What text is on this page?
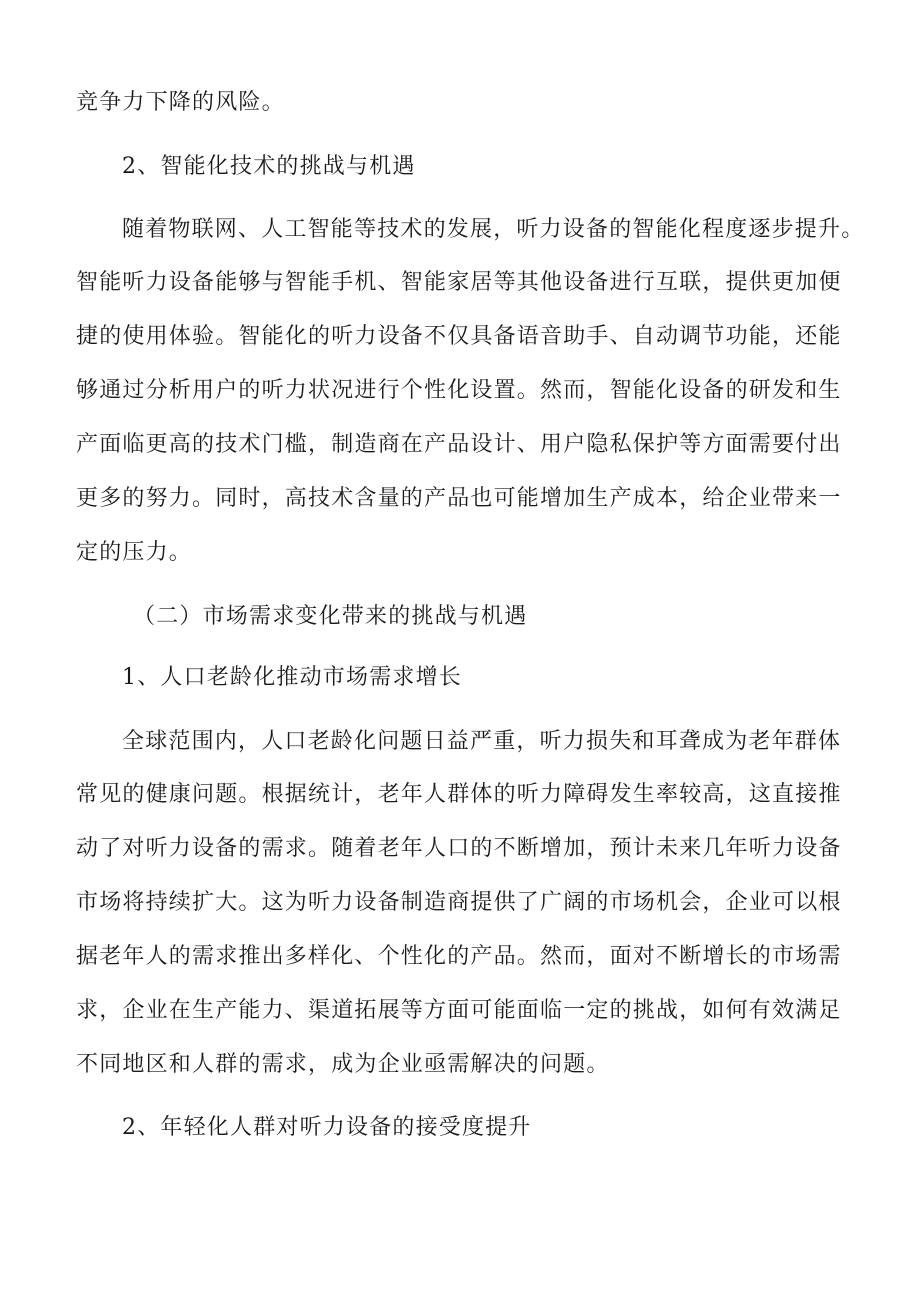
竞争力下降的风险。
2、智能化技术的挑战与机遇
随着物联网、人工智能等技术的发展，听力设备的智能化程度逐步提升。
智能听力设备能够与智能手机、智能家居等其他设备进行互联，提供更加便
捷的使用体验。智能化的听力设备不仅具备语音助手、自动调节功能，还能
够通过分析用户的听力状况进行个性化设置。然而，智能化设备的研发和生
产面临更高的技术门槛，制造商在产品设计、用户隐私保护等方面需要付出
更多的努力。同时，高技术含量的产品也可能增加生产成本，给企业带来一
定的压力。
（二）市场需求变化带来的挑战与机遇
1、人口老龄化推动市场需求增长
全球范围内，人口老龄化问题日益严重，听力损失和耳聋成为老年群体
常见的健康问题。根据统计，老年人群体的听力障碍发生率较高，这直接推
动了对听力设备的需求。随着老年人口的不断增加，预计未来几年听力设备
市场将持续扩大。这为听力设备制造商提供了广阔的市场机会，企业可以根
据老年人的需求推出多样化、个性化的产品。然而，面对不断增长的市场需
求，企业在生产能力、渠道拓展等方面可能面临一定的挑战，如何有效满足
不同地区和人群的需求，成为企业亟需解决的问题。
2、年轻化人群对听力设备的接受度提升
